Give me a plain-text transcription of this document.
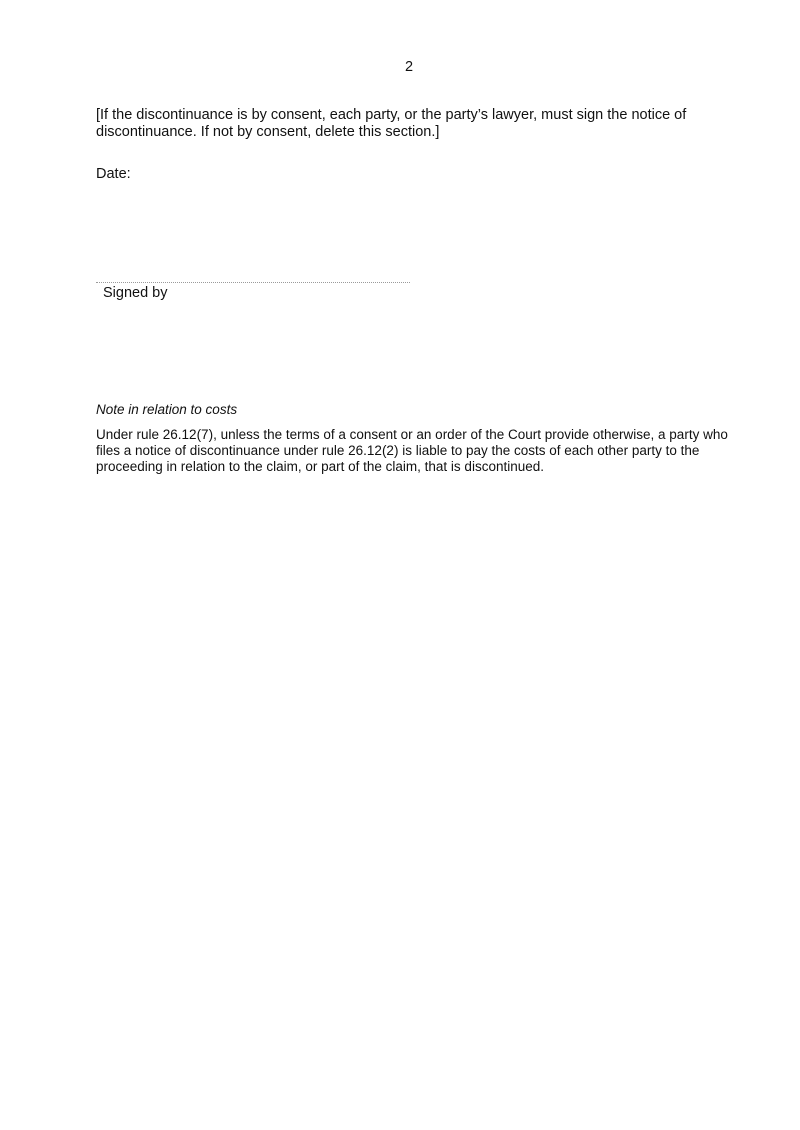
2

[If the discontinuance is by consent, each party, or the party’s lawyer, must sign the notice of discontinuance. If not by consent, delete this section.]

Date:

Signed by

Note in relation to costs

Under rule 26.12(7), unless the terms of a consent or an order of the Court provide otherwise, a party who files a notice of discontinuance under rule 26.12(2) is liable to pay the costs of each other party to the proceeding in relation to the claim, or part of the claim, that is discontinued.
